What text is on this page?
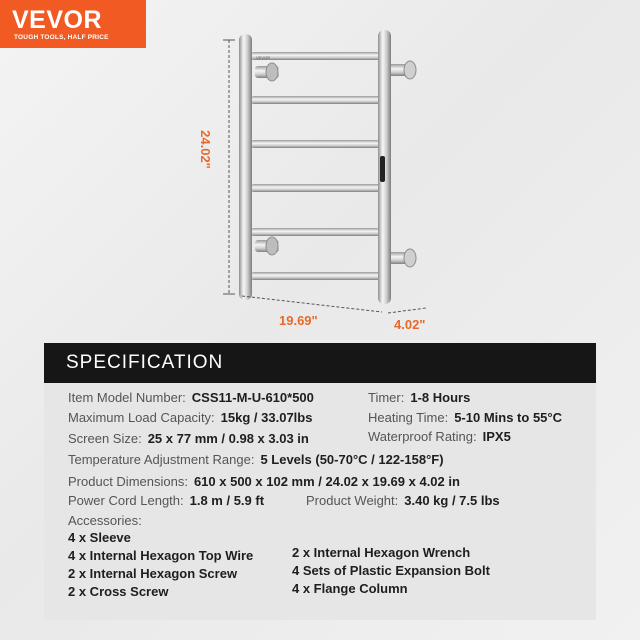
VEVOR
TOUGH TOOLS, HALF PRICE
VEVOR
24.02"
19.69"	4.02"
SPECIFICATION
Item Model Number: CSS11-M-U-610*500	Timer: 1-8 Hours
Maximum Load Capacity: 15kg / 33.07lbs	Heating Time: 5-10 Mins to 55°C
Screen Size: 25 x 77 mm / 0.98 x 3.03 in	Waterproof Rating: IPX5
Temperature Adjustment Range: 5 Levels (50-70°C / 122-158°F)
Product Dimensions: 610 x 500 x 102 mm / 24.02 x 19.69 x 4.02 in
Power Cord Length: 1.8 m / 5.9 ft	Product Weight: 3.40 kg / 7.5 lbs
Accessories:
4 x Sleeve
4 x Internal Hexagon Top Wire
2 x Internal Hexagon Screw
2 x Cross Screw
2 x Internal Hexagon Wrench
4 Sets of Plastic Expansion Bolt
4 x Flange Column
